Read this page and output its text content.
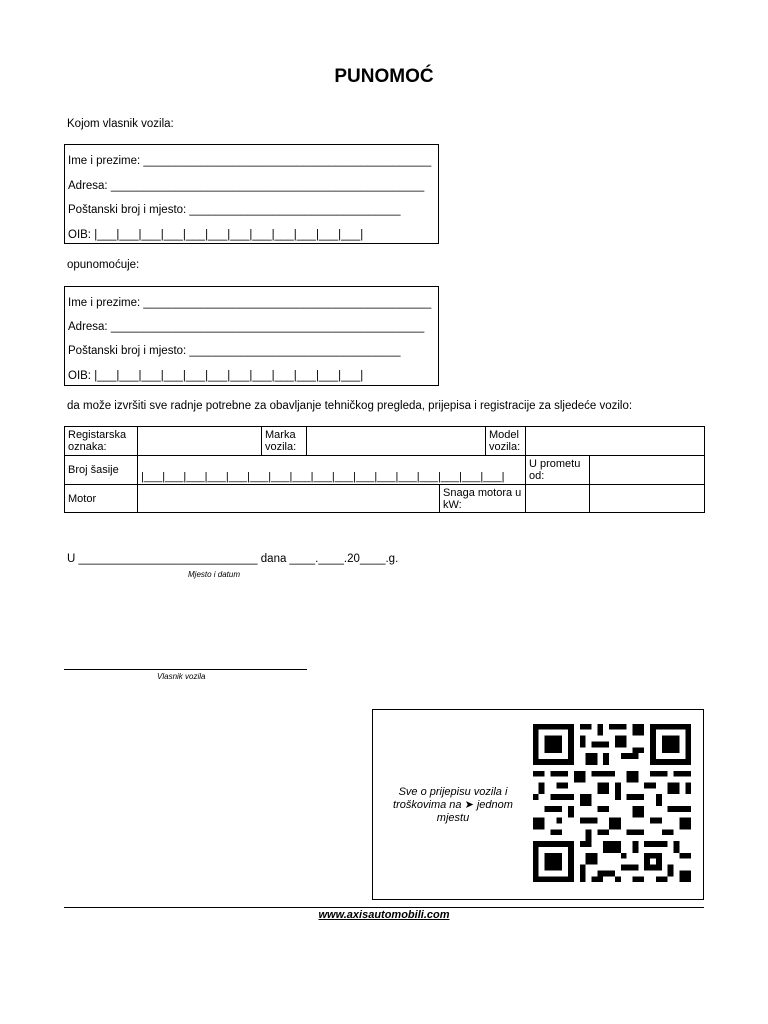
PUNOMOĆ
Kojom vlasnik vozila:
Ime i prezime: _____________________________________________
Adresa: _________________________________________________
Poštanski broj i mjesto: _________________________________
OIB: |___|___|___|___|___|___|___|___|___|___|___|___|
opunomoćuje:
Ime i prezime: _____________________________________________
Adresa: _________________________________________________
Poštanski broj i mjesto: _________________________________
OIB: |___|___|___|___|___|___|___|___|___|___|___|___|
da može izvršiti sve radnje potrebne za obavljanje tehničkog pregleda, prijepisa i registracije za sljedeće vozilo:
Registarska oznaka:		Marka vozila:			Model vozila:		
Broj šasije	|___|___|___|___|___|___|___|___|___|___|___|___|___|___|___|___|___|					U prometu od:	
Motor				Snaga motora u kW:			
U ____________________________ dana ____.____.20____.g.
Mjesto i datum
Vlasnik vozila
Sve o prijepisu vozila i troškovima na ➤ jednom mjestu
www.axisautomobili.com
